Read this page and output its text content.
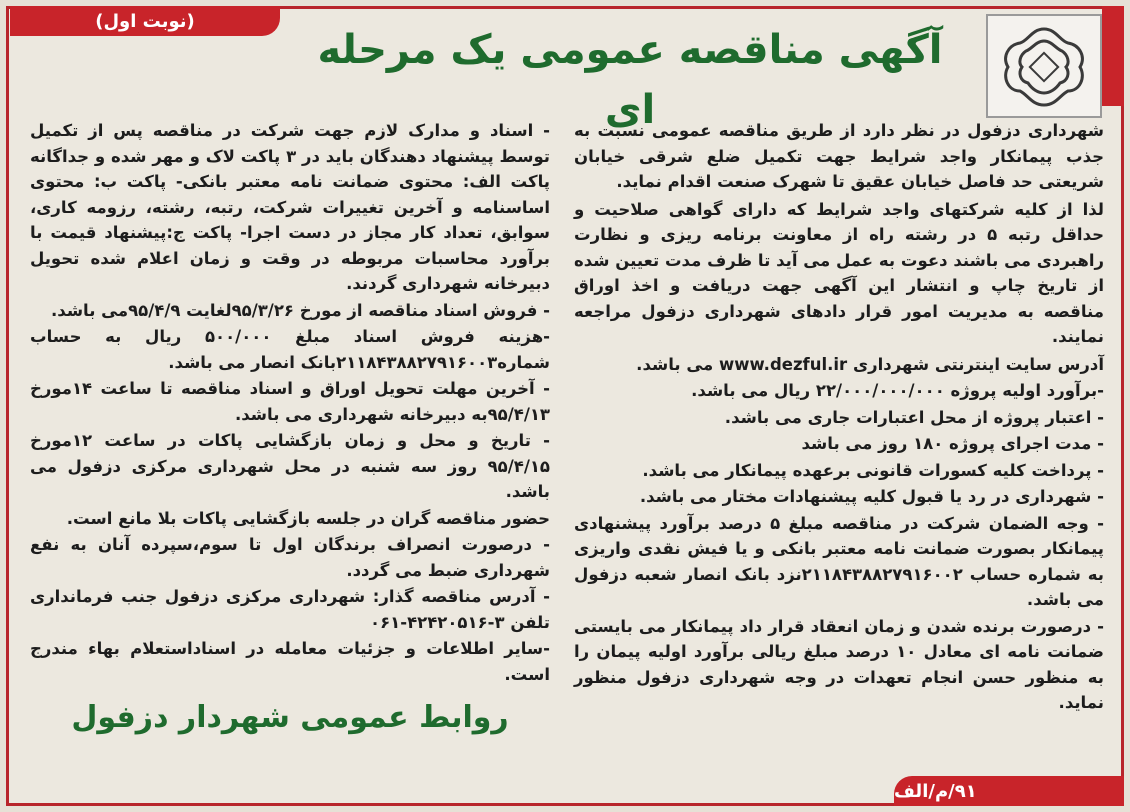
(نوبت اول)
آگهی مناقصه عمومی یک مرحله ای

شهرداری دزفول در نظر دارد از طریق مناقصه عمومی نسبت به جذب پیمانکار واجد شرایط جهت تکمیل ضلع شرقی خیابان شریعتی حد فاصل خیابان عقیق تا شهرک صنعت اقدام نماید.

لذا از کلیه شرکتهای واجد شرایط که دارای گواهی صلاحیت و حداقل رتبه ۵ در رشته راه از معاونت برنامه ریزی و نظارت راهبردی می باشند دعوت به عمل می آید تا ظرف مدت تعیین شده از تاریخ چاپ و انتشار این آگهی جهت دریافت و اخذ اوراق مناقصه به مدیریت امور قرار دادهای شهرداری دزفول مراجعه نمایند.

آدرس سایت اینترنتی شهرداری www.dezful.ir می باشد.

-برآورد اولیه پروژه ۲۲/۰۰۰/۰۰۰/۰۰۰ ریال می باشد.

- اعتبار پروژه از محل اعتبارات جاری می باشد.

- مدت اجرای پروژه ۱۸۰ روز می باشد

- پرداخت کلیه کسورات قانونی برعهده پیمانکار می باشد.

- شهرداری در رد یا قبول کلیه پیشنهادات مختار می باشد.

- وجه الضمان شرکت در مناقصه مبلغ ۵ درصد برآورد پیشنهادی پیمانکار بصورت ضمانت نامه معتبر بانکی و یا فیش نقدی واریزی به شماره حساب ۲۱۱۸۴۳۸۸۲۷۹۱۶۰۰۲نزد بانک انصار شعبه دزفول می باشد.

- درصورت برنده شدن و زمان انعقاد قرار داد پیمانکار می بایستی ضمانت نامه ای معادل ۱۰ درصد مبلغ ریالی برآورد اولیه پیمان را به منظور حسن انجام تعهدات در وجه شهرداری دزفول منظور نماید.

- اسناد و مدارک لازم جهت شرکت در مناقصه پس از تکمیل توسط پیشنهاد دهندگان باید در ۳ پاکت لاک و مهر شده و جداگانه پاکت الف: محتوی ضمانت نامه معتبر بانکی- پاکت ب: محتوی اساسنامه و آخرین تغییرات شرکت، رتبه، رشته، رزومه کاری، سوابق، تعداد کار مجاز در دست اجرا- پاکت ج:پیشنهاد قیمت با برآورد محاسبات مربوطه در وقت و زمان اعلام شده تحویل دبیرخانه شهرداری گردند.

- فروش اسناد مناقصه از مورخ ۹۵/۳/۲۶لغایت ۹۵/۴/۹می باشد.

-هزینه فروش اسناد مبلغ ۵۰۰/۰۰۰ ریال به حساب شماره۲۱۱۸۴۳۸۸۲۷۹۱۶۰۰۳بانک انصار می باشد.

- آخرین مهلت تحویل اوراق و اسناد مناقصه تا ساعت ۱۴مورخ ۹۵/۴/۱۳به دبیرخانه شهرداری می باشد.

- تاریخ و محل و زمان بازگشایی پاکات در ساعت ۱۲مورخ ۹۵/۴/۱۵ روز سه شنبه در محل شهرداری مرکزی دزفول می باشد.

حضور مناقصه گران در جلسه بازگشایی پاکات بلا مانع است.

- درصورت انصراف برندگان اول تا سوم،سپرده آنان به نفع شهرداری ضبط می گردد.

- آدرس مناقصه گذار: شهرداری مرکزی دزفول جنب فرمانداری تلفن ۳-۴۲۴۲۰۵۱۶-۰۶۱

-سایر اطلاعات و جزئیات معامله در اسناداستعلام بهاء مندرج است.

روابط عمومی شهردار دزفول
۹۱/م/الف
